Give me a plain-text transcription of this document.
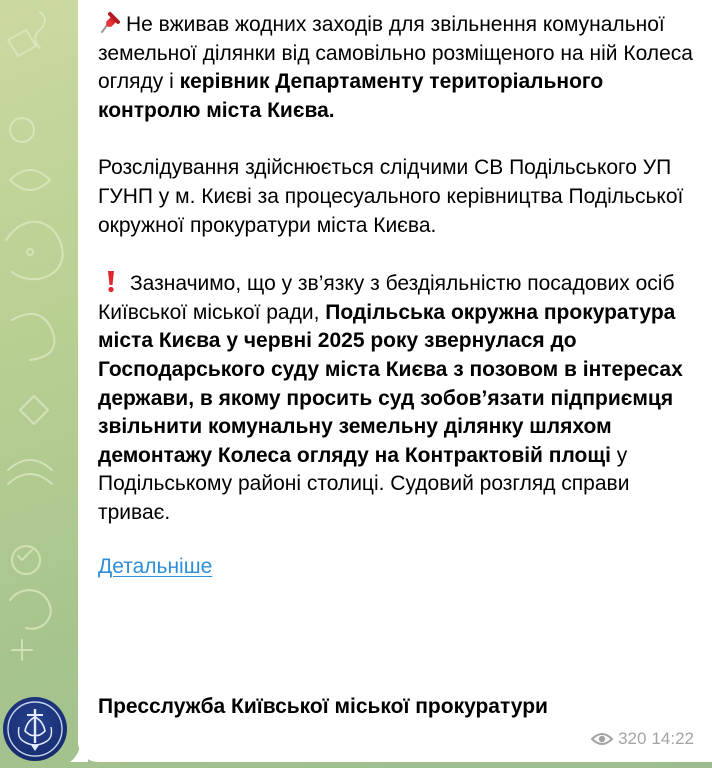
Не вживав жодних заходів для звільнення комунальної земельної ділянки від самовільно розміщеного на ній Колеса огляду і керівник Департаменту територіального контролю міста Києва.

Розслідування здійснюється слідчими СВ Подільського УП ГУНП у м. Києві за процесуального керівництва Подільської окружної прокуратури міста Києва.

Зазначимо, що у зв’язку з бездіяльністю посадових осіб Київської міської ради, Подільська окружна прокуратура міста Києва у червні 2025 року звернулася до Господарського суду міста Києва з позовом в інтересах держави, в якому просить суд зобов’язати підприємця звільнити комунальну земельну ділянку шляхом демонтажу Колеса огляду на Контрактовій площі у Подільському районі столиці. Судовий розгляд справи триває.

Детальніше
Пресслужба Київської міської прокуратури
320 14:22
